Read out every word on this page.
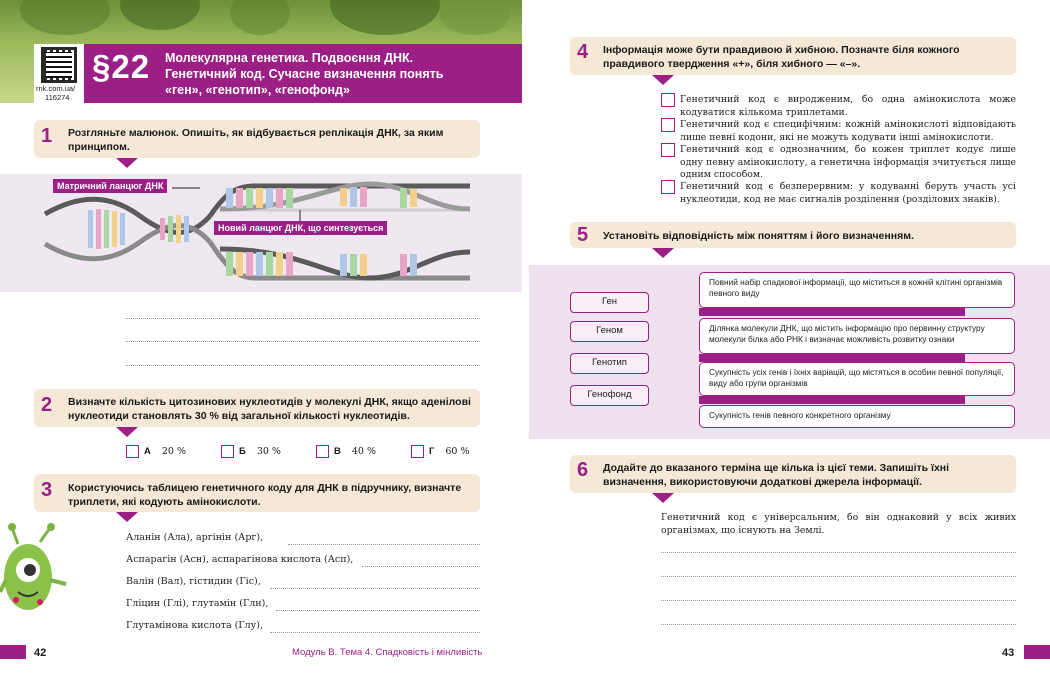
rnk.com.ua/
116274
§22 Молекулярна генетика. Подвоєння ДНК.
Генетичний код. Сучасне визначення понять
«ген», «генотип», «генофонд»
1 Розгляньте малюнок. Опишіть, як відбувається реплікація ДНК, за яким принципом.
Матричний ланцюг ДНК
Новий ланцюг ДНК, що синтезується
2 Визначте кількість цитозинових нуклеотидів у молекулі ДНК, якщо аденілові нуклеотиди становлять 30 % від загальної кількості нуклеотидів.
А 20 %	Б 30 %	В 40 %	Г 60 %
3 Користуючись таблицею генетичного коду для ДНК в підручнику, визначте триплети, які кодують амінокислоти.
Аланін (Ала), аргінін (Арг),
Аспарагін (Асн), аспарагінова кислота (Асп),
Валін (Вал), гістидин (Гіс),
Гліцин (Глі), глутамін (Глн),
Глутамінова кислота (Глу),
42	Модуль В. Тема 4. Спадковість і мінливість
4 Інформація може бути правдивою й хибною. Позначте біля кожного правдивого твердження «+», біля хибного — «–».
Генетичний код є виродженим, бо одна амінокислота може кодуватися кількома триплетами.
Генетичний код є специфічним: кожній амінокислоті відповідають лише певні кодони, які не можуть кодувати інші амінокислоти.
Генетичний код є однозначним, бо кожен триплет кодує лише одну певну амінокислоту, а генетична інформація зчитується лише одним способом.
Генетичний код є безперервним: у кодуванні беруть участь усі нуклеотиди, код не має сигналів розділення (розділових знаків).
5 Установіть відповідність між поняттям і його визначенням.
Ген
Геном
Генотип
Генофонд
Повний набір спадкової інформації, що міститься в кожній клітині організмів певного виду
Ділянка молекули ДНК, що містить інформацію про первинну структуру молекули білка або РНК і визначає можливість розвитку ознаки
Сукупність усіх генів і їхніх варіацій, що містяться в особин певної популяції, виду або групи організмів
Сукупність генів певного конкретного організму
6 Додайте до вказаного терміна ще кілька із цієї теми. Запишіть їхні визначення, використовуючи додаткові джерела інформації.
Генетичний код є універсальним, бо він однаковий у всіх живих організмах, що існують на Землі.
43
